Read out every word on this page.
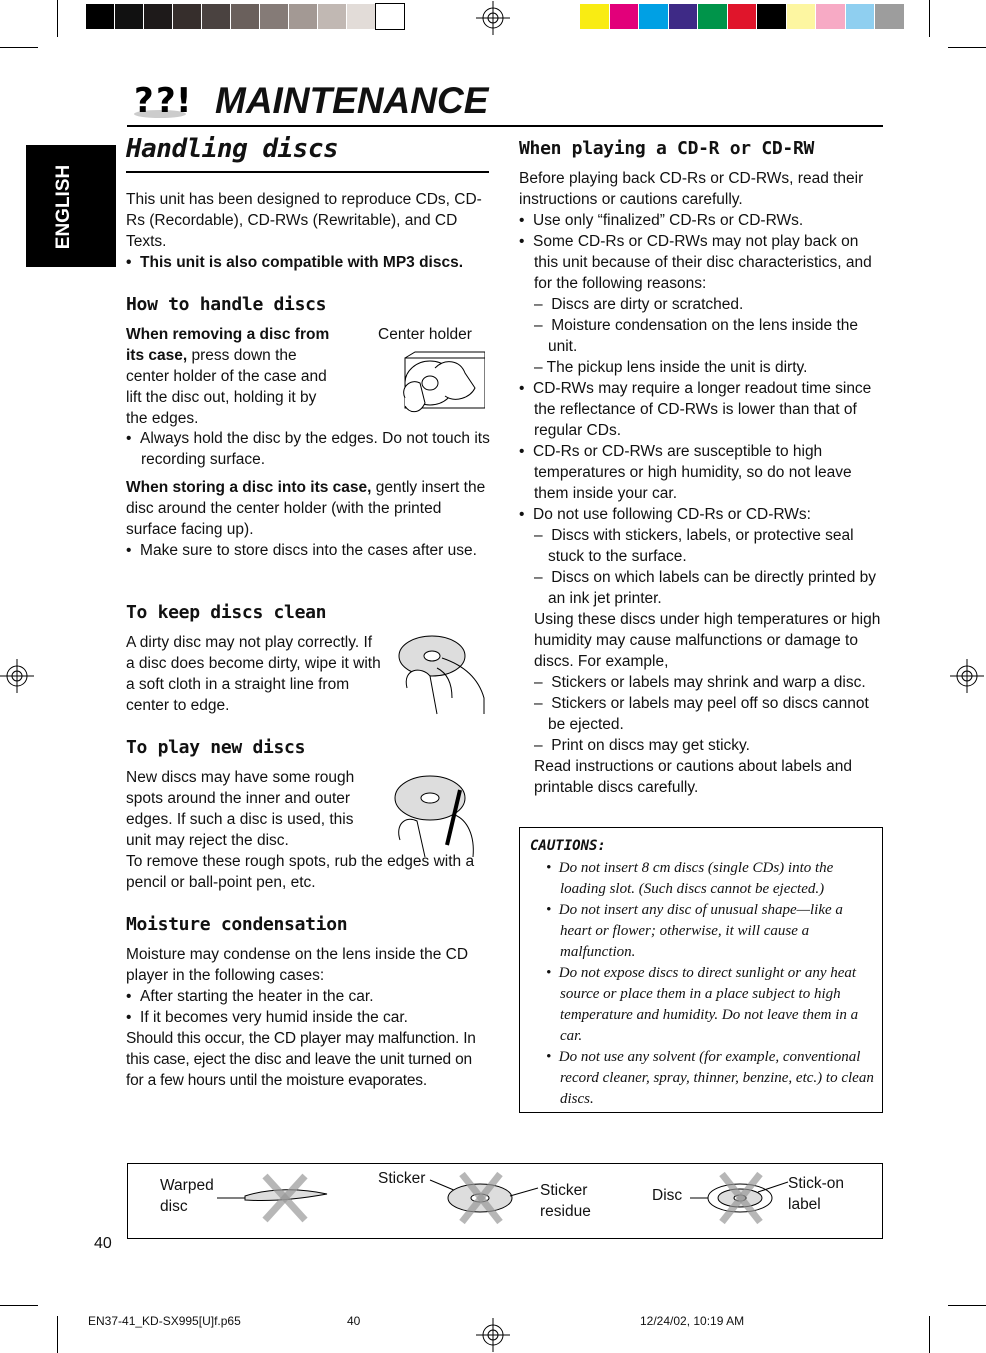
? ? ! MAINTENANCE
ENGLISH
Handling discs

This unit has been designed to reproduce CDs, CD-Rs (Recordable), CD-RWs (Rewritable), and CD Texts.

•  This unit is also compatible with MP3 discs.

How to handle discs

When removing a disc from its case, press down the center holder of the case and lift the disc out, holding it by the edges.

Center holder

•  Always hold the disc by the edges. Do not touch its recording surface.

When storing a disc into its case, gently insert the disc around the center holder (with the printed surface facing up).

•  Make sure to store discs into the cases after use.

To keep discs clean
A dirty disc may not play correctly. If a disc does become dirty, wipe it with a soft cloth in a straight line from center to edge.
To play new discs
New discs may have some rough spots around the inner and outer edges. If such a disc is used, this unit may reject the disc.
To remove these rough spots, rub the edges with a pencil or ball-point pen, etc.
Moisture condensation

Moisture may condense on the lens inside the CD player in the following cases:

•  After starting the heater in the car.

•  If it becomes very humid inside the car.

Should this occur, the CD player may malfunction. In this case, eject the disc and leave the unit turned on for a few hours until the moisture evaporates.

When playing a CD-R or CD-RW

Before playing back CD-Rs or CD-RWs, read their instructions or cautions carefully.

•  Use only “finalized” CD-Rs or CD-RWs.

•  Some CD-Rs or CD-RWs may not play back on this unit because of their disc characteristics, and for the following reasons:

–  Discs are dirty or scratched.

–  Moisture condensation on the lens inside the unit.

– The pickup lens inside the unit is dirty.

•  CD-RWs may require a longer readout time since the reflectance of CD-RWs is lower than that of regular CDs.

•  CD-Rs or CD-RWs are susceptible to high temperatures or high humidity, so do not leave them inside your car.

•  Do not use following CD-Rs or CD-RWs:

–  Discs with stickers, labels, or protective seal stuck to the surface.

–  Discs on which labels can be directly printed by an ink jet printer.

Using these discs under high temperatures or high humidity may cause malfunctions or damage to discs. For example,

–  Stickers or labels may shrink and warp a disc.

–  Stickers or labels may peel off so discs cannot be ejected.

–  Print on discs may get sticky.

Read instructions or cautions about labels and printable discs carefully.

CAUTIONS:
•  Do not insert 8 cm discs (single CDs) into the loading slot. (Such discs cannot be ejected.)
•  Do not insert any disc of unusual shape—like a heart or flower; otherwise, it will cause a malfunction.
•  Do not expose discs to direct sunlight or any heat source or place them in a place subject to high temperature and humidity. Do not leave them in a car.
•  Do not use any solvent (for example, conventional record cleaner, spray, thinner, benzine, etc.) to clean discs.
Warped disc
Sticker
Sticker residue
Disc
Stick-on label
40
EN37-41_KD-SX995[U]f.p65	40	12/24/02, 10:19 AM
